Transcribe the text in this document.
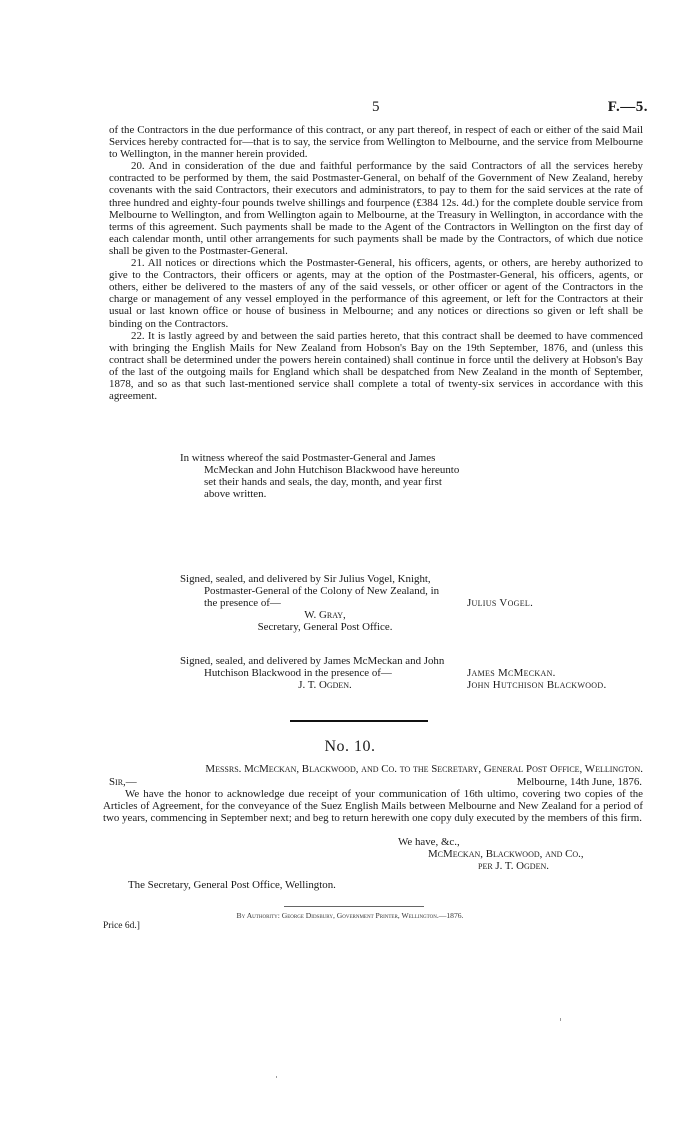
5	F.—5.

of the Contractors in the due performance of this contract, or any part thereof, in respect of each or either of the said Mail Services hereby contracted for—that is to say, the service from Wellington to Melbourne, and the service from Melbourne to Wellington, in the manner herein provided.

20. And in consideration of the due and faithful performance by the said Contractors of all the services hereby contracted to be performed by them, the said Postmaster-General, on behalf of the Government of New Zealand, hereby covenants with the said Contractors, their executors and administrators, to pay to them for the said services at the rate of three hundred and eighty-four pounds twelve shillings and fourpence (£384 12s. 4d.) for the complete double service from Melbourne to Wellington, and from Wellington again to Melbourne, at the Treasury in Wellington, in accordance with the terms of this agreement. Such payments shall be made to the Agent of the Contractors in Wellington on the first day of each calendar month, until other arrangements for such payments shall be made by the Contractors, of which due notice shall be given to the Postmaster-General.

21. All notices or directions which the Postmaster-General, his officers, agents, or others, are hereby authorized to give to the Contractors, their officers or agents, may at the option of the Postmaster-General, his officers, agents, or others, either be delivered to the masters of any of the said vessels, or other officer or agent of the Contractors in the charge or management of any vessel employed in the performance of this agreement, or left for the Contractors at their usual or last known office or house of business in Melbourne; and any notices or directions so given or left shall be binding on the Contractors.

22. It is lastly agreed by and between the said parties hereto, that this contract shall be deemed to have commenced with bringing the English Mails for New Zealand from Hobson's Bay on the 19th September, 1876, and (unless this contract shall be determined under the powers herein contained) shall continue in force until the delivery at Hobson's Bay of the last of the outgoing mails for England which shall be despatched from New Zealand in the month of September, 1878, and so as that such last-mentioned service shall complete a total of twenty-six services in accordance with this agreement.

In witness whereof the said Postmaster-General and James McMeckan and John Hutchison Blackwood have hereunto set their hands and seals, the day, month, and year first above written.

Signed, sealed, and delivered by Sir Julius Vogel, Knight, Postmaster-General of the Colony of New Zealand, in the presence of—

W. Gray,
Secretary, General Post Office.
Julius Vogel.

Signed, sealed, and delivered by James McMeckan and John Hutchison Blackwood in the presence of—

J. T. Ogden.
James McMeckan.
John Hutchison Blackwood.
No. 10.
Messrs. McMeckan, Blackwood, and Co. to the Secretary, General Post Office, Wellington.
Sir,—	Melbourne, 14th June, 1876.

We have the honor to acknowledge due receipt of your communication of 16th ultimo, covering two copies of the Articles of Agreement, for the conveyance of the Suez English Mails between Melbourne and New Zealand for a period of two years, commencing in September next; and beg to return herewith one copy duly executed by the members of this firm.

We have, &c.,
McMeckan, Blackwood, and Co.,
per J. T. Ogden.
The Secretary, General Post Office, Wellington.
By Authority: George Didsbury, Government Printer, Wellington.—1876.
Price 6d.]
